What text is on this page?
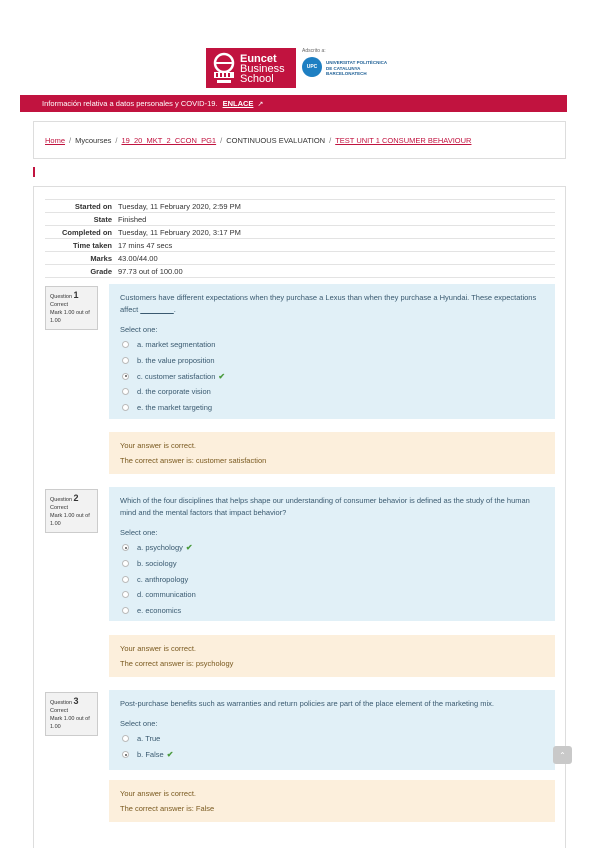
Euncet
Business
School
Adscrito a:
UPC
UNIVERSITAT POLITÈCNICA
DE CATALUNYA
BARCELONATECH
Información relativa a datos personales y COVID-19. ENLACE ↗
Home / Mycourses / 19_20_MKT_2_CCON_PG1 / CONTINUOUS EVALUATION / TEST UNIT 1 CONSUMER BEHAVIOUR
Started on	Tuesday, 11 February 2020, 2:59 PM
State	Finished
Completed on	Tuesday, 11 February 2020, 3:17 PM
Time taken	17 mins 47 secs
Marks	43.00/44.00
Grade	97.73 out of 100.00
Question 1
Correct
Mark 1.00 out of 1.00
Customers have different expectations when they purchase a Lexus than when they purchase a Hyundai. These expectations affect ________.
Select one:
a. market segmentation
b. the value proposition
c. customer satisfaction ✔
d. the corporate vision
e. the market targeting
Your answer is correct.
The correct answer is: customer satisfaction
Question 2
Correct
Mark 1.00 out of 1.00
Which of the four disciplines that helps shape our understanding of consumer behavior is defined as the study of the human mind and the mental factors that impact behavior?
Select one:
a. psychology ✔
b. sociology
c. anthropology
d. communication
e. economics
Your answer is correct.
The correct answer is: psychology
Question 3
Correct
Mark 1.00 out of 1.00
Post-purchase benefits such as warranties and return policies are part of the place element of the marketing mix.
Select one:
a. True
b. False ✔
Your answer is correct.
The correct answer is: False
⌃
